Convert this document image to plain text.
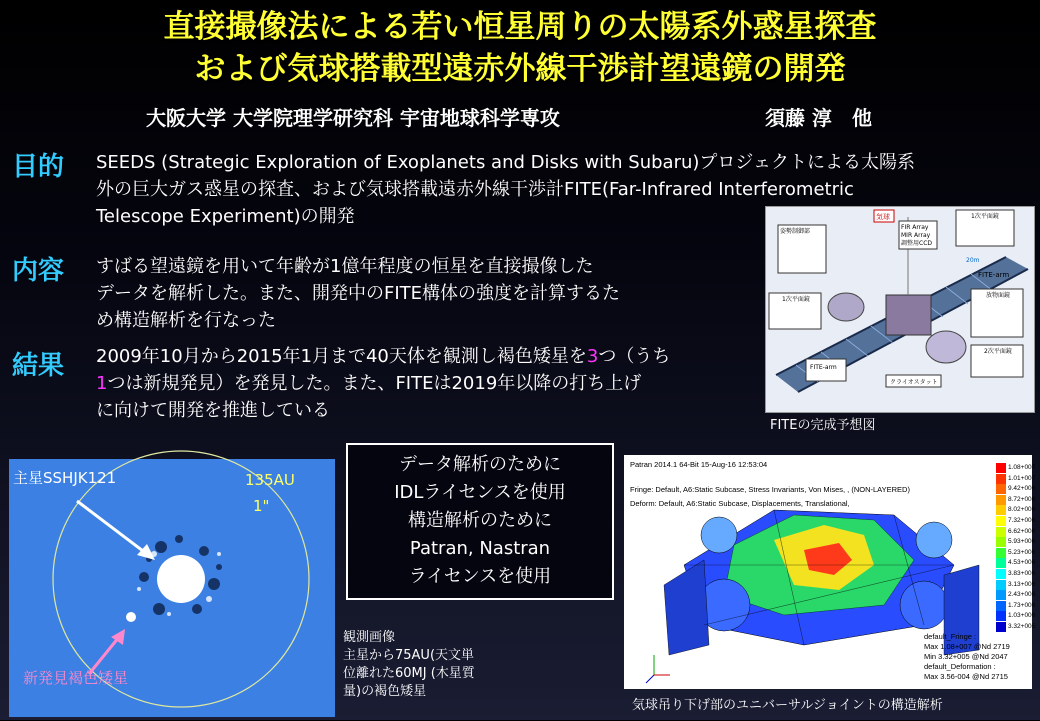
直接撮像法による若い恒星周りの太陽系外惑星探査
および気球搭載型遠赤外線干渉計望遠鏡の開発
大阪大学 大学院理学研究科 宇宙地球科学専攻	須藤 淳　他
目的 SEEDS (Strategic Exploration of Exoplanets and Disks with Subaru)プロジェクトによる太陽系
外の巨大ガス惑星の探査、および気球搭載遠赤外線干渉計FITE(Far-Infrared Interferometric
Telescope Experiment)の開発
内容 すばる望遠鏡を用いて年齢が1億年程度の恒星を直接撮像した
データを解析した。また、開発中のFITE構体の強度を計算するた
め構造解析を行なった
結果 2009年10月から2015年1月まで40天体を観測し褐色矮星を3つ（うち
1つは新規発見）を発見した。また、FITEは2019年以降の打ち上げ
に向けて開発を推進している
気球
FIR Array
MIR Array
調整用CCD
姿勢制御部
1次平面鏡
FITE-arm
20m
1次平面鏡
放物面鏡
2次平面鏡
FITE-arm
クライオスタット
FITEの完成予想図
主星SSHJK121	135AU
1"
新発見褐色矮星
観測画像
主星から75AU(天文単
位離れた60MJ (木星質
量)の褐色矮星
データ解析のために
IDLライセンスを使用
構造解析のために
Patran, Nastran
ライセンスを使用
Patran 2014.1 64-Bit 15-Aug-16 12:53:04
Fringe: Default, A6:Static Subcase, Stress Invariants, Von Mises, , (NON-LAYERED)
Deform: Default, A6:Static Subcase, Displacements, Translational,
1.08+007
1.01+007
9.42+006
8.72+006
8.02+006
7.32+006
6.62+006
5.93+006
5.23+006
4.53+006
3.83+006
3.13+006
2.43+006
1.73+006
1.03+006
3.32+005
default_Fringe :
Max 1.08+007 @Nd 2719
Min 3.32+005 @Nd 2047
default_Deformation :
Max 3.56-004 @Nd 2715
気球吊り下げ部のユニバーサルジョイントの構造解析
